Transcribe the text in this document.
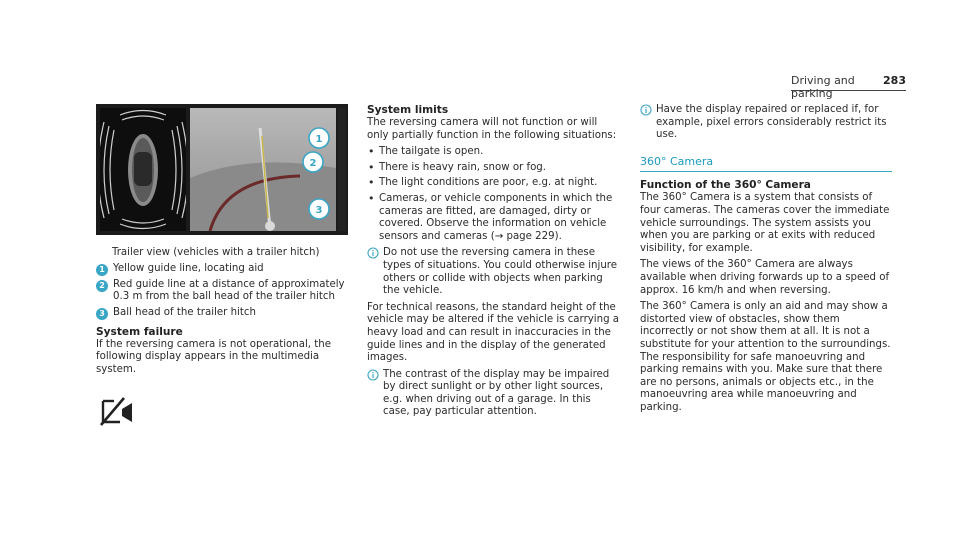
Driving and parking
283
1
2
3

Trailer view (vehicles with a trailer hitch)

1 Yellow guide line, locating aid
2 Red guide line at a distance of approximately 0.3 m from the ball head of the trailer hitch
3 Ball head of the trailer hitch
System failure

If the reversing camera is not operational, the following display appears in the multimedia system.

System limits

The reversing camera will not function or will only partially function in the following situations:

• The tailgate is open.
• There is heavy rain, snow or fog.
• The light conditions are poor, e.g. at night.
• Cameras, or vehicle components in which the cameras are fitted, are damaged, dirty or covered. Observe the information on vehicle sensors and cameras (→ page 229).
Do not use the reversing camera in these types of situations. You could otherwise injure others or collide with objects when parking the vehicle.

For technical reasons, the standard height of the vehicle may be altered if the vehicle is carrying a heavy load and can result in inaccuracies in the guide lines and in the display of the generated images.

The contrast of the display may be impaired by direct sunlight or by other light sources, e.g. when driving out of a garage. In this case, pay particular attention.
Have the display repaired or replaced if, for example, pixel errors considerably restrict its use.
360° Camera
Function of the 360° Camera

The 360° Camera is a system that consists of four cameras. The cameras cover the immediate vehicle surroundings. The system assists you when you are parking or at exits with reduced visibility, for example.

The views of the 360° Camera are always available when driving forwards up to a speed of approx. 16 km/h and when reversing.

The 360° Camera is only an aid and may show a distorted view of obstacles, show them incorrectly or not show them at all. It is not a substitute for your attention to the surroundings. The responsibility for safe manoeuvring and parking remains with you. Make sure that there are no persons, animals or objects etc., in the manoeuvring area while manoeuvring and parking.
